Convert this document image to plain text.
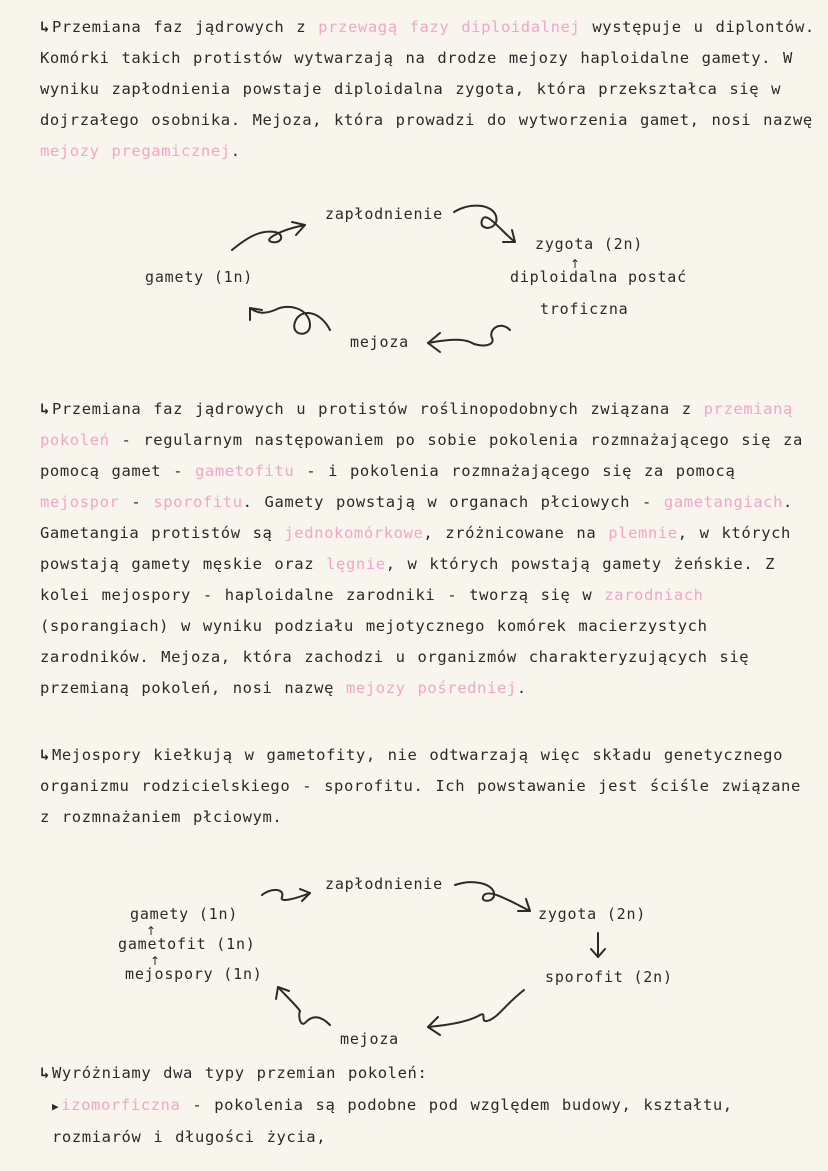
↳ Przemiana faz jądrowych z przewagą fazy diploidalnej występuje u diplontów. Komórki takich protistów wytwarzają na drodze mejozy haploidalne gamety. W wyniku zapłodnienia powstaje diploidalna zygota, która przekształca się w dojrzałego osobnika. Mejoza, która prowadzi do wytworzenia gamet, nosi nazwę mejozy pregamicznej.
↑
zapłodnienie
zygota (2n)
diploidalna postać
troficzna
mejoza
gamety (1n)
↳ Przemiana faz jądrowych u protistów roślinopodobnych związana z przemianą pokoleń - regularnym następowaniem po sobie pokolenia rozmnażającego się za pomocą gamet - gametofitu - i pokolenia rozmnażającego się za pomocą mejospor - sporofitu. Gamety powstają w organach płciowych - gametangiach. Gametangia protistów są jednokomórkowe, zróżnicowane na plemnie, w których powstają gamety męskie oraz lęgnie, w których powstają gamety żeńskie. Z kolei mejospory - haploidalne zarodniki - tworzą się w zarodniach (sporangiach) w wyniku podziału mejotycznego komórek macierzystych zarodników. Mejoza, która zachodzi u organizmów charakteryzujących się przemianą pokoleń, nosi nazwę mejozy pośredniej.
↳ Mejospory kiełkują w gametofity, nie odtwarzają więc składu genetycznego organizmu rodzicielskiego - sporofitu. Ich powstawanie jest ściśle związane z rozmnażaniem płciowym.
↑
↑
zapłodnienie
zygota (2n)
sporofit (2n)
mejoza
gamety (1n)
gametofit (1n)
mejospory (1n)
↳ Wyróżniamy dwa typy przemian pokoleń:
▶ izomorficzna - pokolenia są podobne pod względem budowy, kształtu, rozmiarów i długości życia,
